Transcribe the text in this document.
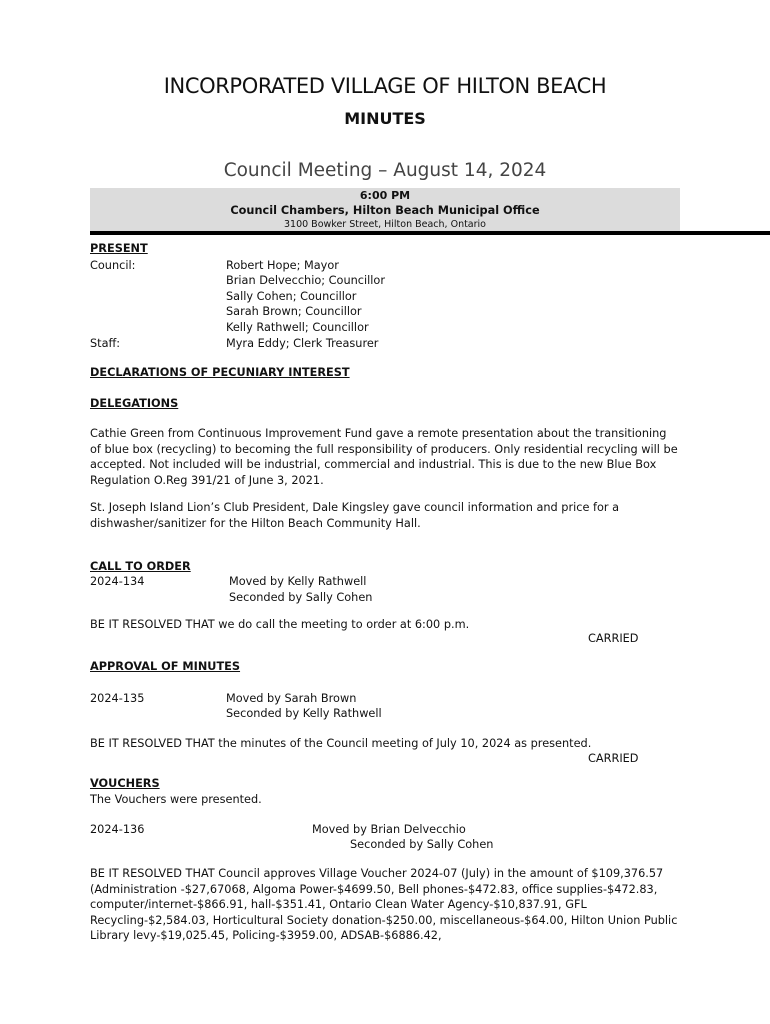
INCORPORATED VILLAGE OF HILTON BEACH
MINUTES
Council Meeting – August 14, 2024
6:00 PM
Council Chambers, Hilton Beach Municipal Office
3100 Bowker Street, Hilton Beach, Ontario
PRESENT
Council:	Robert Hope; Mayor
Brian Delvecchio; Councillor
Sally Cohen; Councillor
Sarah Brown; Councillor
Kelly Rathwell; Councillor
Staff:	Myra Eddy; Clerk Treasurer
DECLARATIONS OF PECUNIARY INTEREST
DELEGATIONS
Cathie Green from Continuous Improvement Fund gave a remote presentation about the transitioning of blue box (recycling) to becoming the full responsibility of producers. Only residential recycling will be accepted. Not included will be industrial, commercial and industrial. This is due to the new Blue Box Regulation O.Reg 391/21 of June 3, 2021.
St. Joseph Island Lion’s Club President, Dale Kingsley gave council information and price for a dishwasher/sanitizer for the Hilton Beach Community Hall.
CALL TO ORDER
2024-134	Moved by Kelly Rathwell
Seconded by Sally Cohen
BE IT RESOLVED THAT we do call the meeting to order at 6:00 p.m.
CARRIED
APPROVAL OF MINUTES
2024-135	Moved by Sarah Brown
Seconded by Kelly Rathwell
BE IT RESOLVED THAT the minutes of the Council meeting of July 10, 2024 as presented.
CARRIED
VOUCHERS
The Vouchers were presented.
2024-136	Moved by Brian Delvecchio
Seconded by Sally Cohen
BE IT RESOLVED THAT Council approves Village Voucher 2024-07 (July) in the amount of $109,376.57 (Administration -$27,67068, Algoma Power-$4699.50, Bell phones-$472.83, office supplies-$472.83, computer/internet-$866.91, hall-$351.41, Ontario Clean Water Agency-$10,837.91, GFL Recycling-$2,584.03, Horticultural Society donation-$250.00, miscellaneous-$64.00, Hilton Union Public Library levy-$19,025.45, Policing-$3959.00, ADSAB-$6886.42,
